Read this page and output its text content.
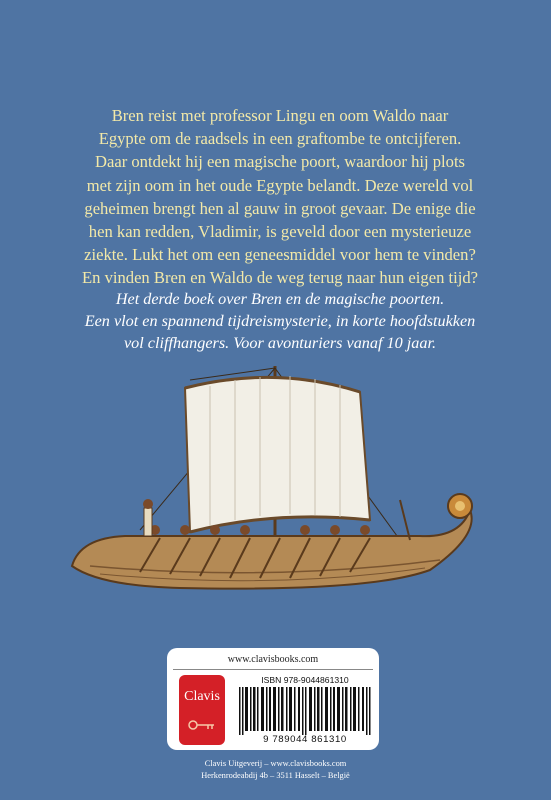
Bren reist met professor Lingu en oom Waldo naar

Egypte om de raadsels in een graftombe te ontcijferen.

Daar ontdekt hij een magische poort, waardoor hij plots

met zijn oom in het oude Egypte belandt. Deze wereld vol

geheimen brengt hen al gauw in groot gevaar. De enige die

hen kan redden, Vladimir, is geveld door een mysterieuze

ziekte. Lukt het om een geneesmiddel voor hem te vinden?

En vinden Bren en Waldo de weg terug naar hun eigen tijd?

Het derde boek over Bren en de magische poorten.

Een vlot en spannend tijdreismysterie, in korte hoofdstukken

vol cliffhangers. Voor avonturiers vanaf 10 jaar.

www.clavisbooks.com
Clavis
ISBN 978-9044861310
9 789044 861310
Clavis Uitgeverij – www.clavisbooks.com
Herkenrodeabdij 4b – 3511 Hasselt – België
